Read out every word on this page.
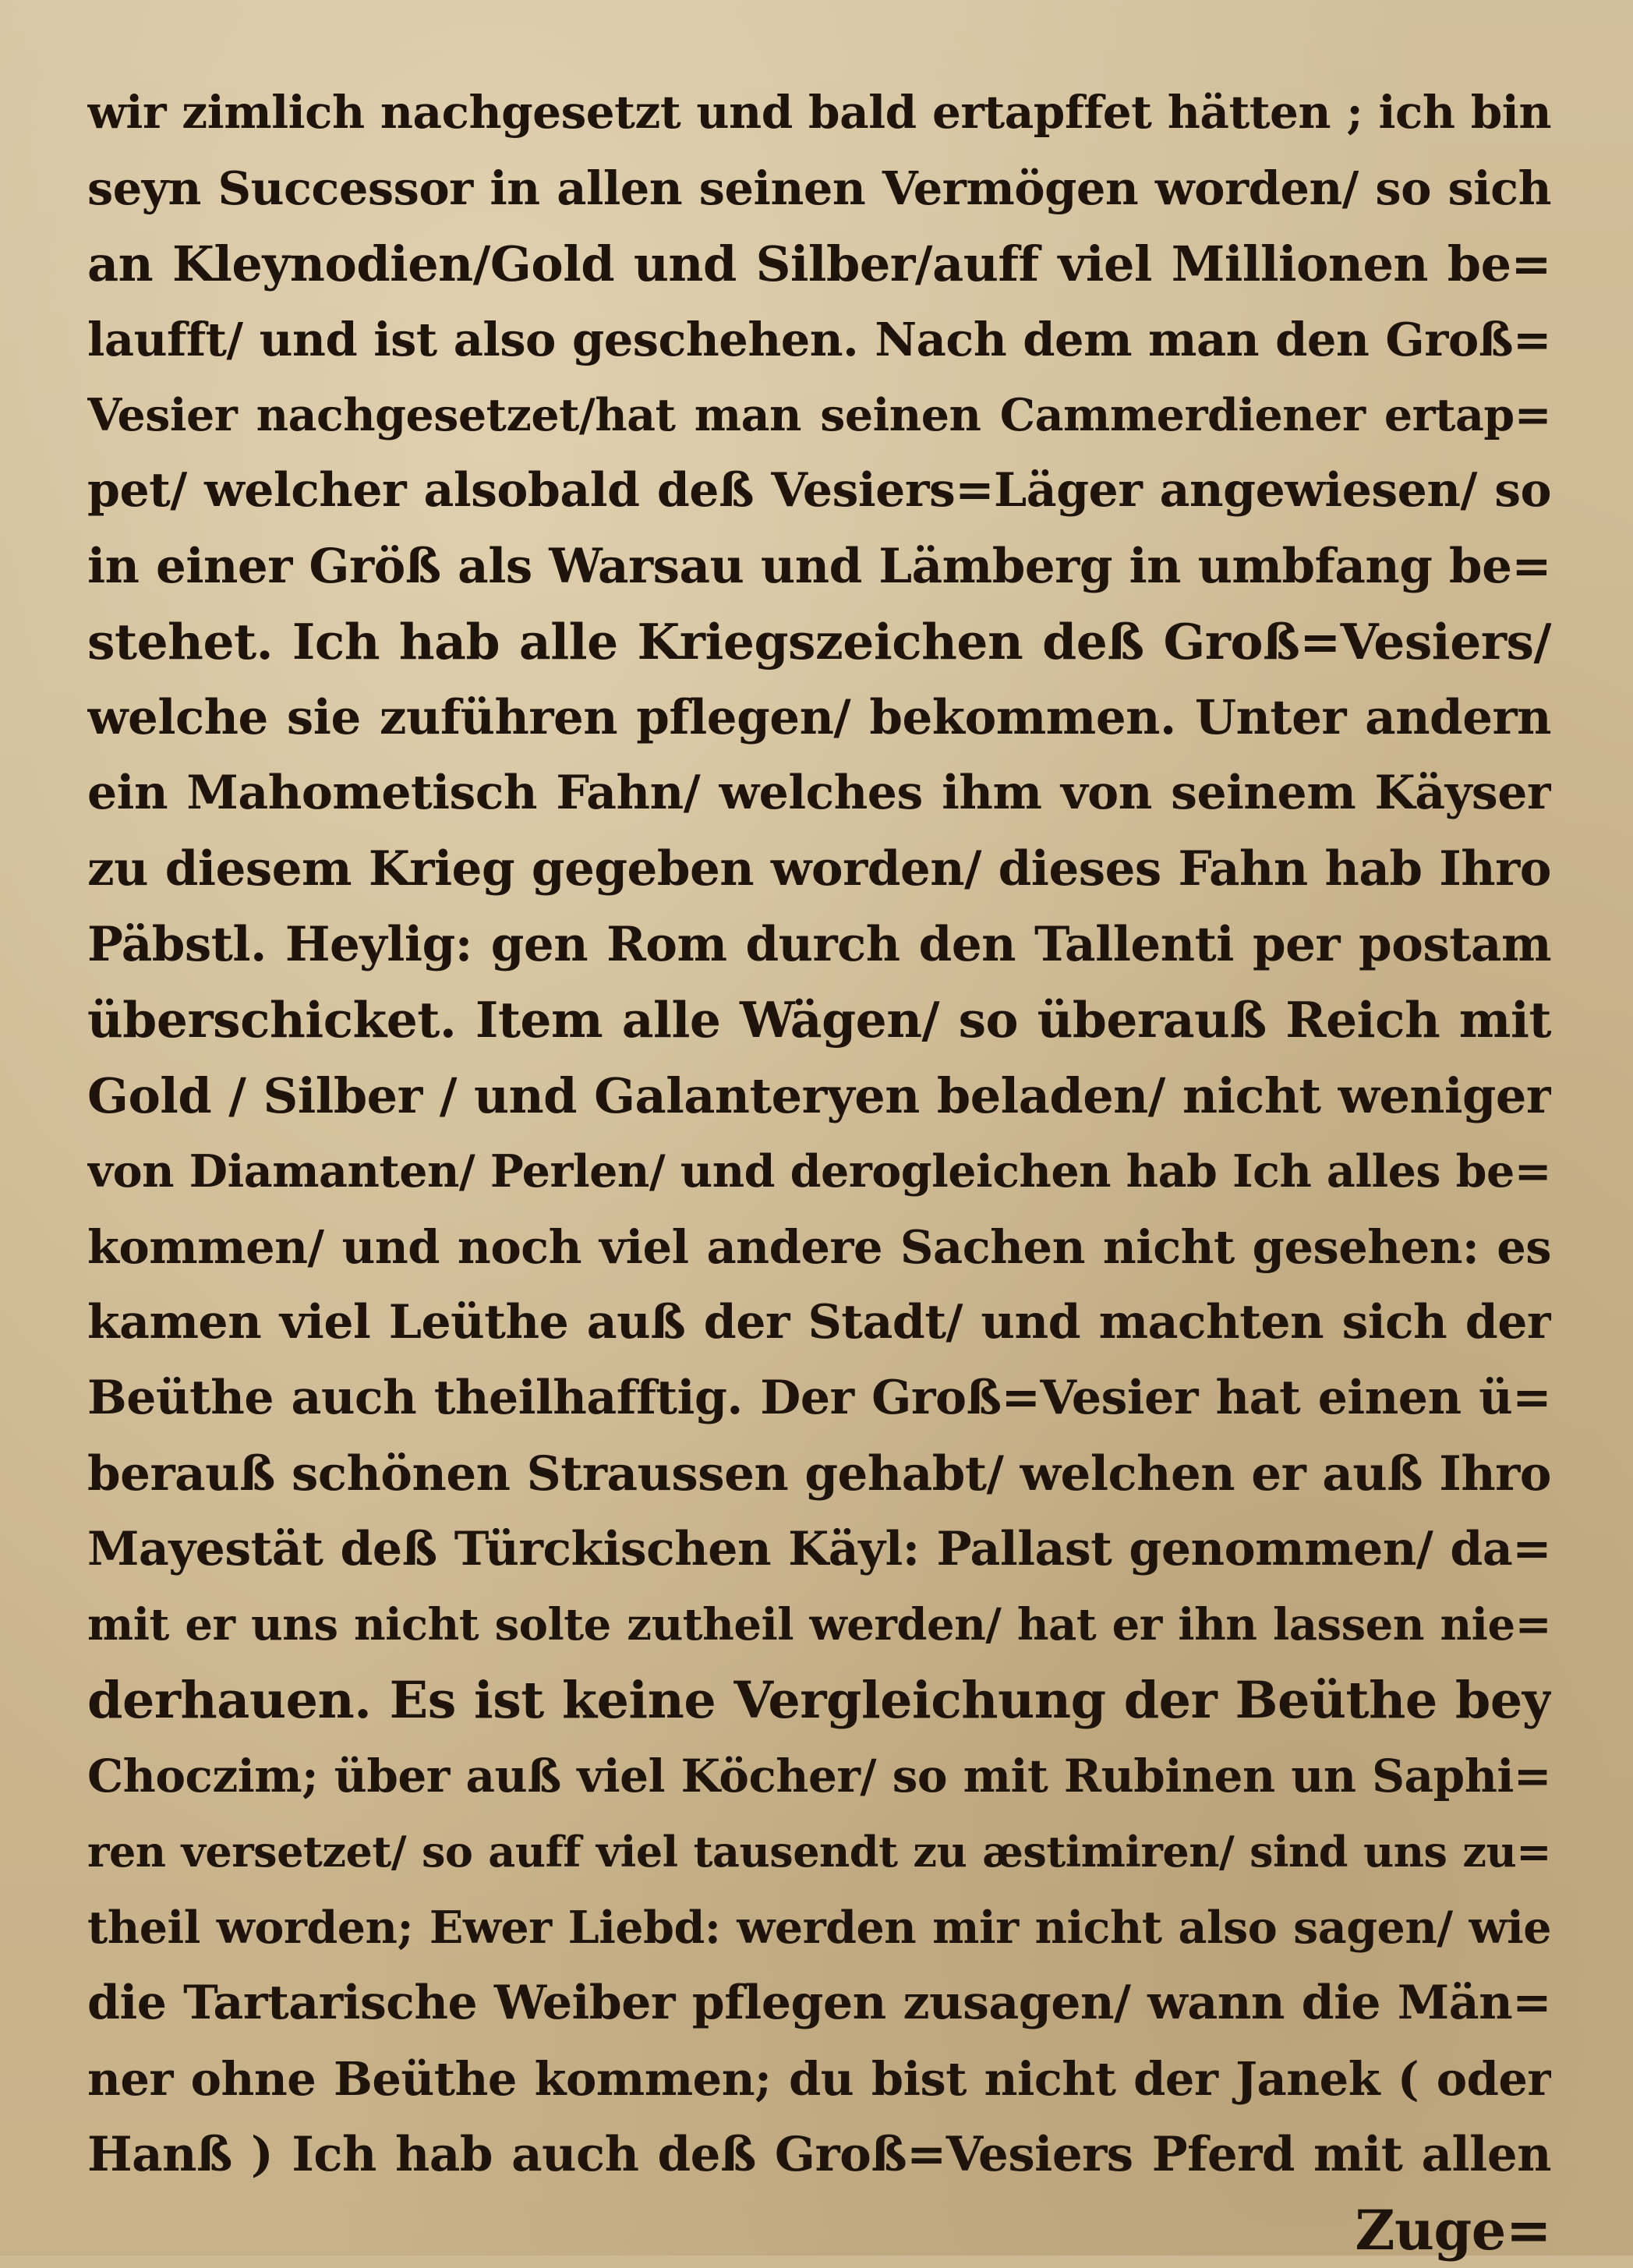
wir zimlich nachgesetzt und bald ertapffet hätten ; ich bin
seyn Successor in allen seinen Vermögen worden/ so sich
an Kleynodien/Gold und Silber/auff viel Millionen be=
laufft/ und ist also geschehen. Nach dem man den Groß=
Vesier nachgesetzet/hat man seinen Cammerdiener ertap=
pet/ welcher alsobald deß Vesiers=Läger angewiesen/ so
in einer Größ als Warsau und Lämberg in umbfang be=
stehet. Ich hab alle Kriegszeichen deß Groß=Vesiers/
welche sie zuführen pflegen/ bekommen. Unter andern
ein Mahometisch Fahn/ welches ihm von seinem Käyser
zu diesem Krieg gegeben worden/ dieses Fahn hab Ihro
Päbstl. Heylig: gen Rom durch den Tallenti per postam
überschicket. Item alle Wägen/ so überauß Reich mit
Gold / Silber / und Galanteryen beladen/ nicht weniger
von Diamanten/ Perlen/ und derogleichen hab Ich alles be=
kommen/ und noch viel andere Sachen nicht gesehen: es
kamen viel Leüthe auß der Stadt/ und machten sich der
Beüthe auch theilhafftig. Der Groß=Vesier hat einen ü=
berauß schönen Straussen gehabt/ welchen er auß Ihro
Mayestät deß Türckischen Käyl: Pallast genommen/ da=
mit er uns nicht solte zutheil werden/ hat er ihn lassen nie=
derhauen. Es ist keine Vergleichung der Beüthe bey
Choczim; über auß viel Köcher/ so mit Rubinen un Saphi=
ren versetzet/ so auff viel tausendt zu æstimiren/ sind uns zu=
theil worden; Ewer Liebd: werden mir nicht also sagen/ wie
die Tartarische Weiber pflegen zusagen/ wann die Män=
ner ohne Beüthe kommen; du bist nicht der Janek ( oder
Hanß ) Ich hab auch deß Groß=Vesiers Pferd mit allen
Zuge=
